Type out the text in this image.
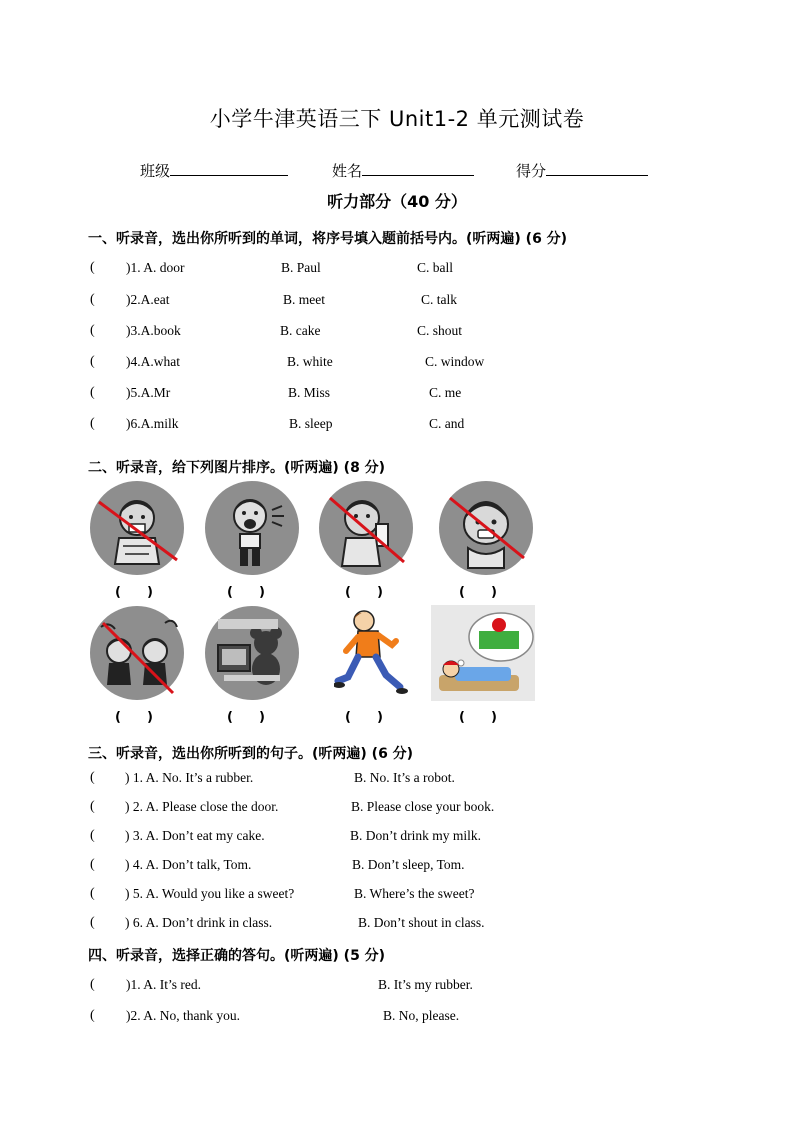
小学牛津英语三下 Unit1-2 单元测试卷
班级	姓名	得分
听力部分（40 分）
一、听录音，选出你所听到的单词，将序号填入题前括号内。(听两遍) (6 分)
( )1. A. door	B. Paul	C. ball
( )2.A.eat	B. meet	C. talk
( )3.A.book	B. cake	C. shout
( )4.A.what	B. white	C. window
( )5.A.Mr	B. Miss	C. me
( )6.A.milk	B. sleep	C. and
二、听录音，给下列图片排序。(听两遍) (8 分)
(　　)	(　　)	(　　)	(　　)
(　　)	(　　)	(　　)	(　　)
三、听录音，选出你所听到的句子。(听两遍) (6 分)
( ) 1. A. No. It’s a rubber.	B. No. It’s a robot.
( ) 2. A. Please close the door.	B. Please close your book.
( ) 3. A. Don’t eat my cake.	B. Don’t drink my milk.
( ) 4. A. Don’t talk, Tom.	B. Don’t sleep, Tom.
( ) 5. A. Would you like a sweet?	B. Where’s the sweet?
( ) 6. A. Don’t drink in class.	B. Don’t shout in class.
四、听录音，选择正确的答句。(听两遍) (5 分)
( )1. A. It’s red.	B. It’s my rubber.
( )2. A. No, thank you.	B. No, please.
